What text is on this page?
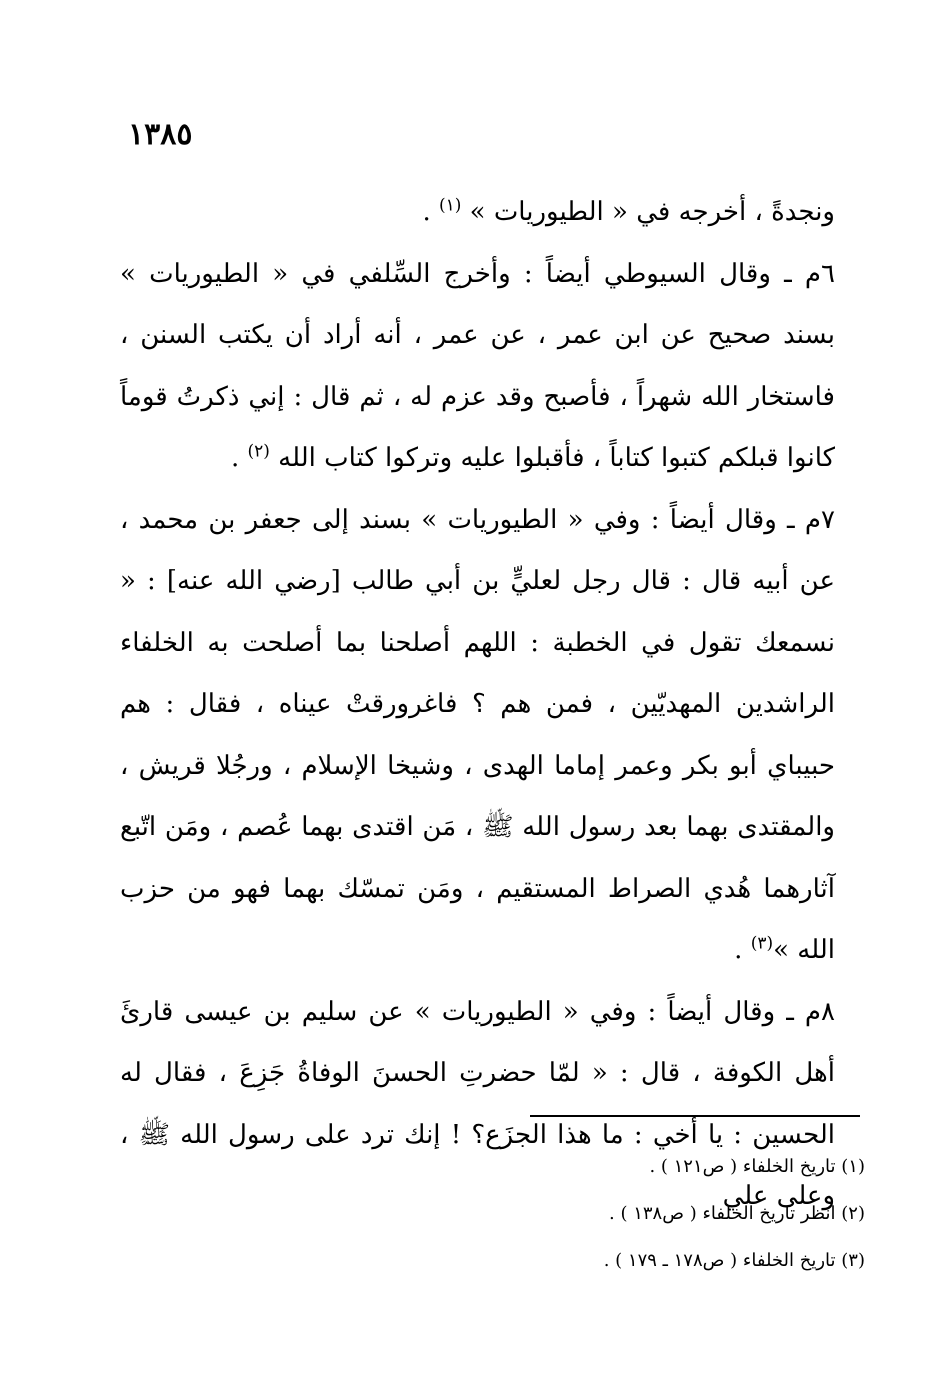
١٣٨٥

ونجدةً ، أخرجه في « الطيوريات » $^{(١)}$ .

٦م ـ وقال السيوطي أيضاً : وأخرج السِّلفي في « الطيوريات » بسند صحيح عن ابن عمر ، عن عمر ، أنه أراد أن يكتب السنن ، فاستخار الله شهراً ، فأصبح وقد عزم له ، ثم قال : إني ذكرتُ قوماً كانوا قبلكم كتبوا كتاباً ، فأقبلوا عليه وتركوا كتاب الله $^{(٢)}$ .

٧م ـ وقال أيضاً : وفي « الطيوريات » بسند إلى جعفر بن محمد ، عن أبيه قال : قال رجل لعليٍّ بن أبي طالب [رضي الله عنه] : « نسمعك تقول في الخطبة : اللهم أصلحنا بما أصلحت به الخلفاء الراشدين المهديّين ، فمن هم ؟ فاغرورقتْ عيناه ، فقال : هم حبيباي أبو بكر وعمر إماما الهدى ، وشيخا الإسلام ، ورجُلا قريش ، والمقتدى بهما بعد رسول الله ﷺ ، مَن اقتدى بهما عُصم ، ومَن اتّبع آثارهما هُدي الصراط المستقيم ، ومَن تمسّك بهما فهو من حزب الله »$^{(٣)}$ .

٨م ـ وقال أيضاً : وفي « الطيوريات » عن سليم بن عيسى قارئَ أهل الكوفة ، قال : « لمّا حضرتِ الحسنَ الوفاةُ جَزِعَ ، فقال له الحسين : يا أخي : ما هذا الجزَع؟ ! إنك ترد على رسول الله ﷺ ، وعلى علي

(١) تاريخ الخلفاء ( ص١٢١ ) .

(٢) انظر تاريخ الخلفاء ( ص١٣٨ ) .

(٣) تاريخ الخلفاء ( ص١٧٨ ـ ١٧٩ ) .
